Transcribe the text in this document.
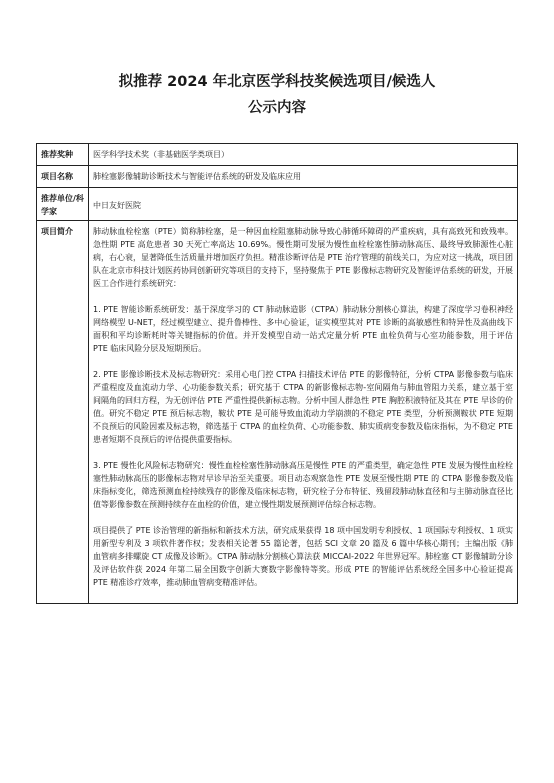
拟推荐 2024 年北京医学科技奖候选项目/候选人
公示内容
推荐奖种	医学科学技术奖（非基础医学类项目）
项目名称	肺栓塞影像辅助诊断技术与智能评估系统的研发及临床应用
推荐单位/科学家	中日友好医院
项目简介	肺动脉血栓栓塞（PTE）简称肺栓塞，是一种因血栓阻塞肺动脉导致心肺循环障碍的严重疾病，具有高致死和致残率。急性期 PTE 高危患者 30 天死亡率高达 10.69%。慢性期可发展为慢性血栓栓塞性肺动脉高压、最终导致肺源性心脏病，右心衰，显著降低生活质量并增加医疗负担。精准诊断评估是 PTE 治疗管理的前线关口，为应对这一挑战，项目团队在北京市科技计划医药协同创新研究等项目的支持下，坚持聚焦于 PTE 影像标志物研究及智能评估系统的研发，开展医工合作进行系统研究：

1. PTE 智能诊断系统研发：基于深度学习的 CT 肺动脉造影（CTPA）肺动脉分割核心算法，构建了深度学习卷积神经网络模型 U-NET，经过模型建立、提升鲁棒性、多中心验证，证实模型其对 PTE 诊断的高敏感性和特异性及高曲线下面积和平均诊断耗时等关键指标的价值。并开发模型自动一站式定量分析 PTE 血栓负荷与心室功能参数，用于评估 PTE 临床风险分层及短期预后。

2. PTE 影像诊断技术及标志物研究：采用心电门控 CTPA 扫描技术评估 PTE 的影像特征，分析 CTPA 影像参数与临床严重程度及血流动力学、心功能参数关系；研究基于 CTPA 的新影像标志物-室间隔角与肺血管阻力关系，建立基于室间隔角的回归方程，为无创评估 PTE 严重性提供新标志物。分析中国人群急性 PTE 胸腔积液特征及其在 PTE 早诊的价值。研究不稳定 PTE 预后标志物，鞍状 PTE 是可能导致血流动力学崩溃的不稳定 PTE 类型，分析预测鞍状 PTE 短期不良预后的风险因素及标志物，筛选基于 CTPA 的血栓负荷、心功能参数、肺实质病变参数及临床指标，为不稳定 PTE 患者短期不良预后的评估提供重要指标。

3. PTE 慢性化风险标志物研究：慢性血栓栓塞性肺动脉高压是慢性 PTE 的严重类型，确定急性 PTE 发展为慢性血栓栓塞性肺动脉高压的影像标志物对早诊早治至关重要。项目动态观察急性 PTE 发展至慢性期 PTE 的 CTPA 影像参数及临床指标变化，筛选预测血栓持续残存的影像及临床标志物，研究栓子分布特征、残留段肺动脉直径和与主肺动脉直径比值等影像参数在预测持续存在血栓的价值，建立慢性期发展预测评估综合标志物。

项目提供了 PTE 诊治管理的新指标和新技术方法，研究成果获得 18 项中国发明专利授权、1 项国际专利授权、1 项实用新型专利及 3 项软件著作权；发表相关论著 55 篇论著，包括 SCI 文章 20 篇及 6 篇中华核心期刊；主编出版《肺血管病多排螺旋 CT 成像及诊断》。CTPA 肺动脉分割核心算法获 MICCAI-2022 年世界冠军。肺栓塞 CT 影像辅助分诊及评估软件获 2024 年第二届全国数字创新大赛数字影像特等奖。形成 PTE 的智能评估系统经全国多中心验证提高 PTE 精准诊疗效率，推动肺血管病变精准评估。
